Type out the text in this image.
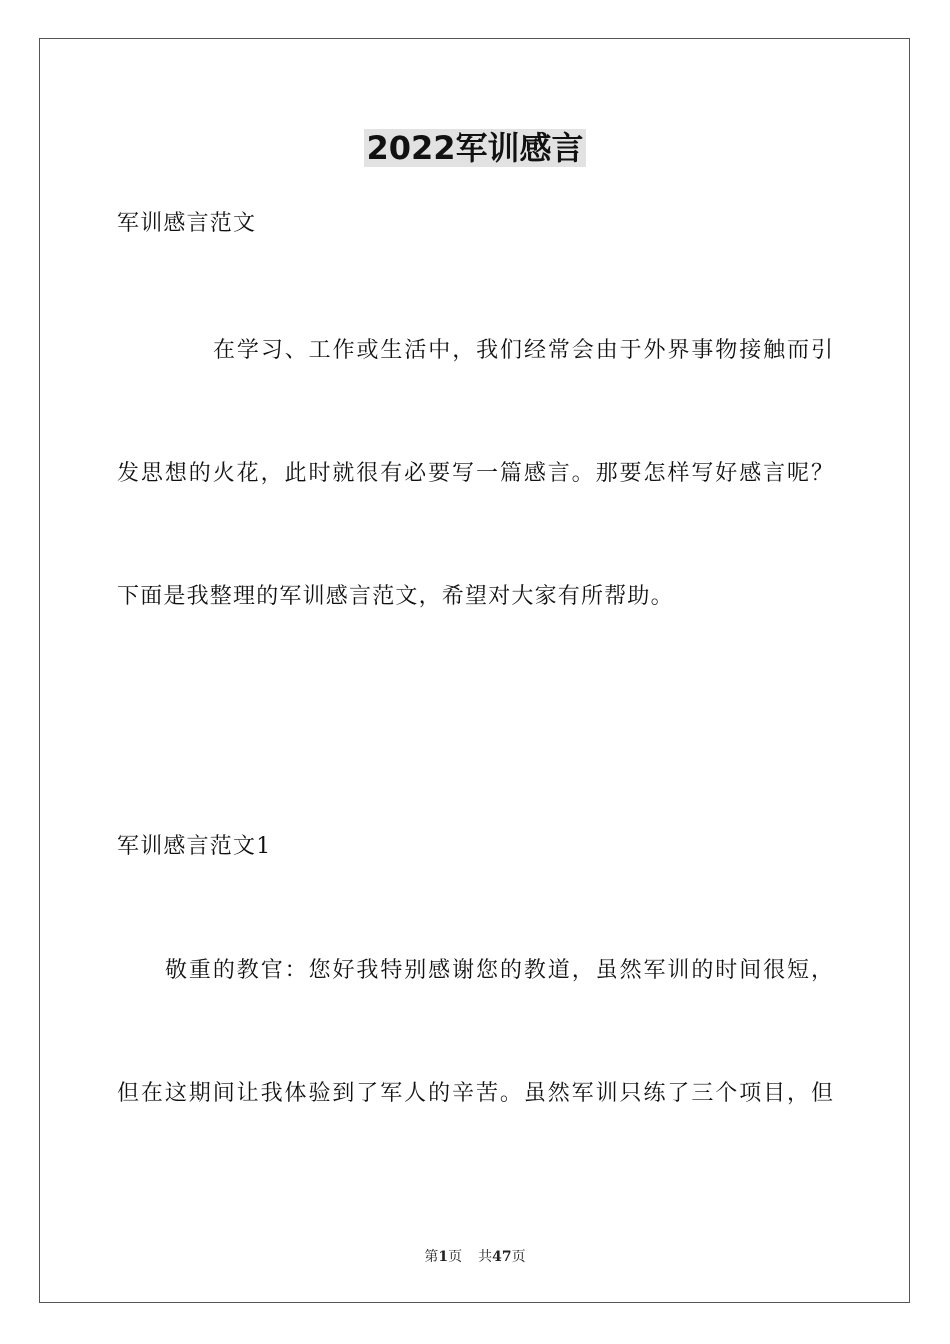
2022军训感言
军训感言范文
在学习、工作或生活中，我们经常会由于外界事物接触而引
发思想的火花，此时就很有必要写一篇感言。那要怎样写好感言呢？
下面是我整理的军训感言范文，希望对大家有所帮助。
军训感言范文1
敬重的教官：您好我特别感谢您的教道，虽然军训的时间很短，
但在这期间让我体验到了军人的辛苦。虽然军训只练了三个项目，但
第1页 共47页
